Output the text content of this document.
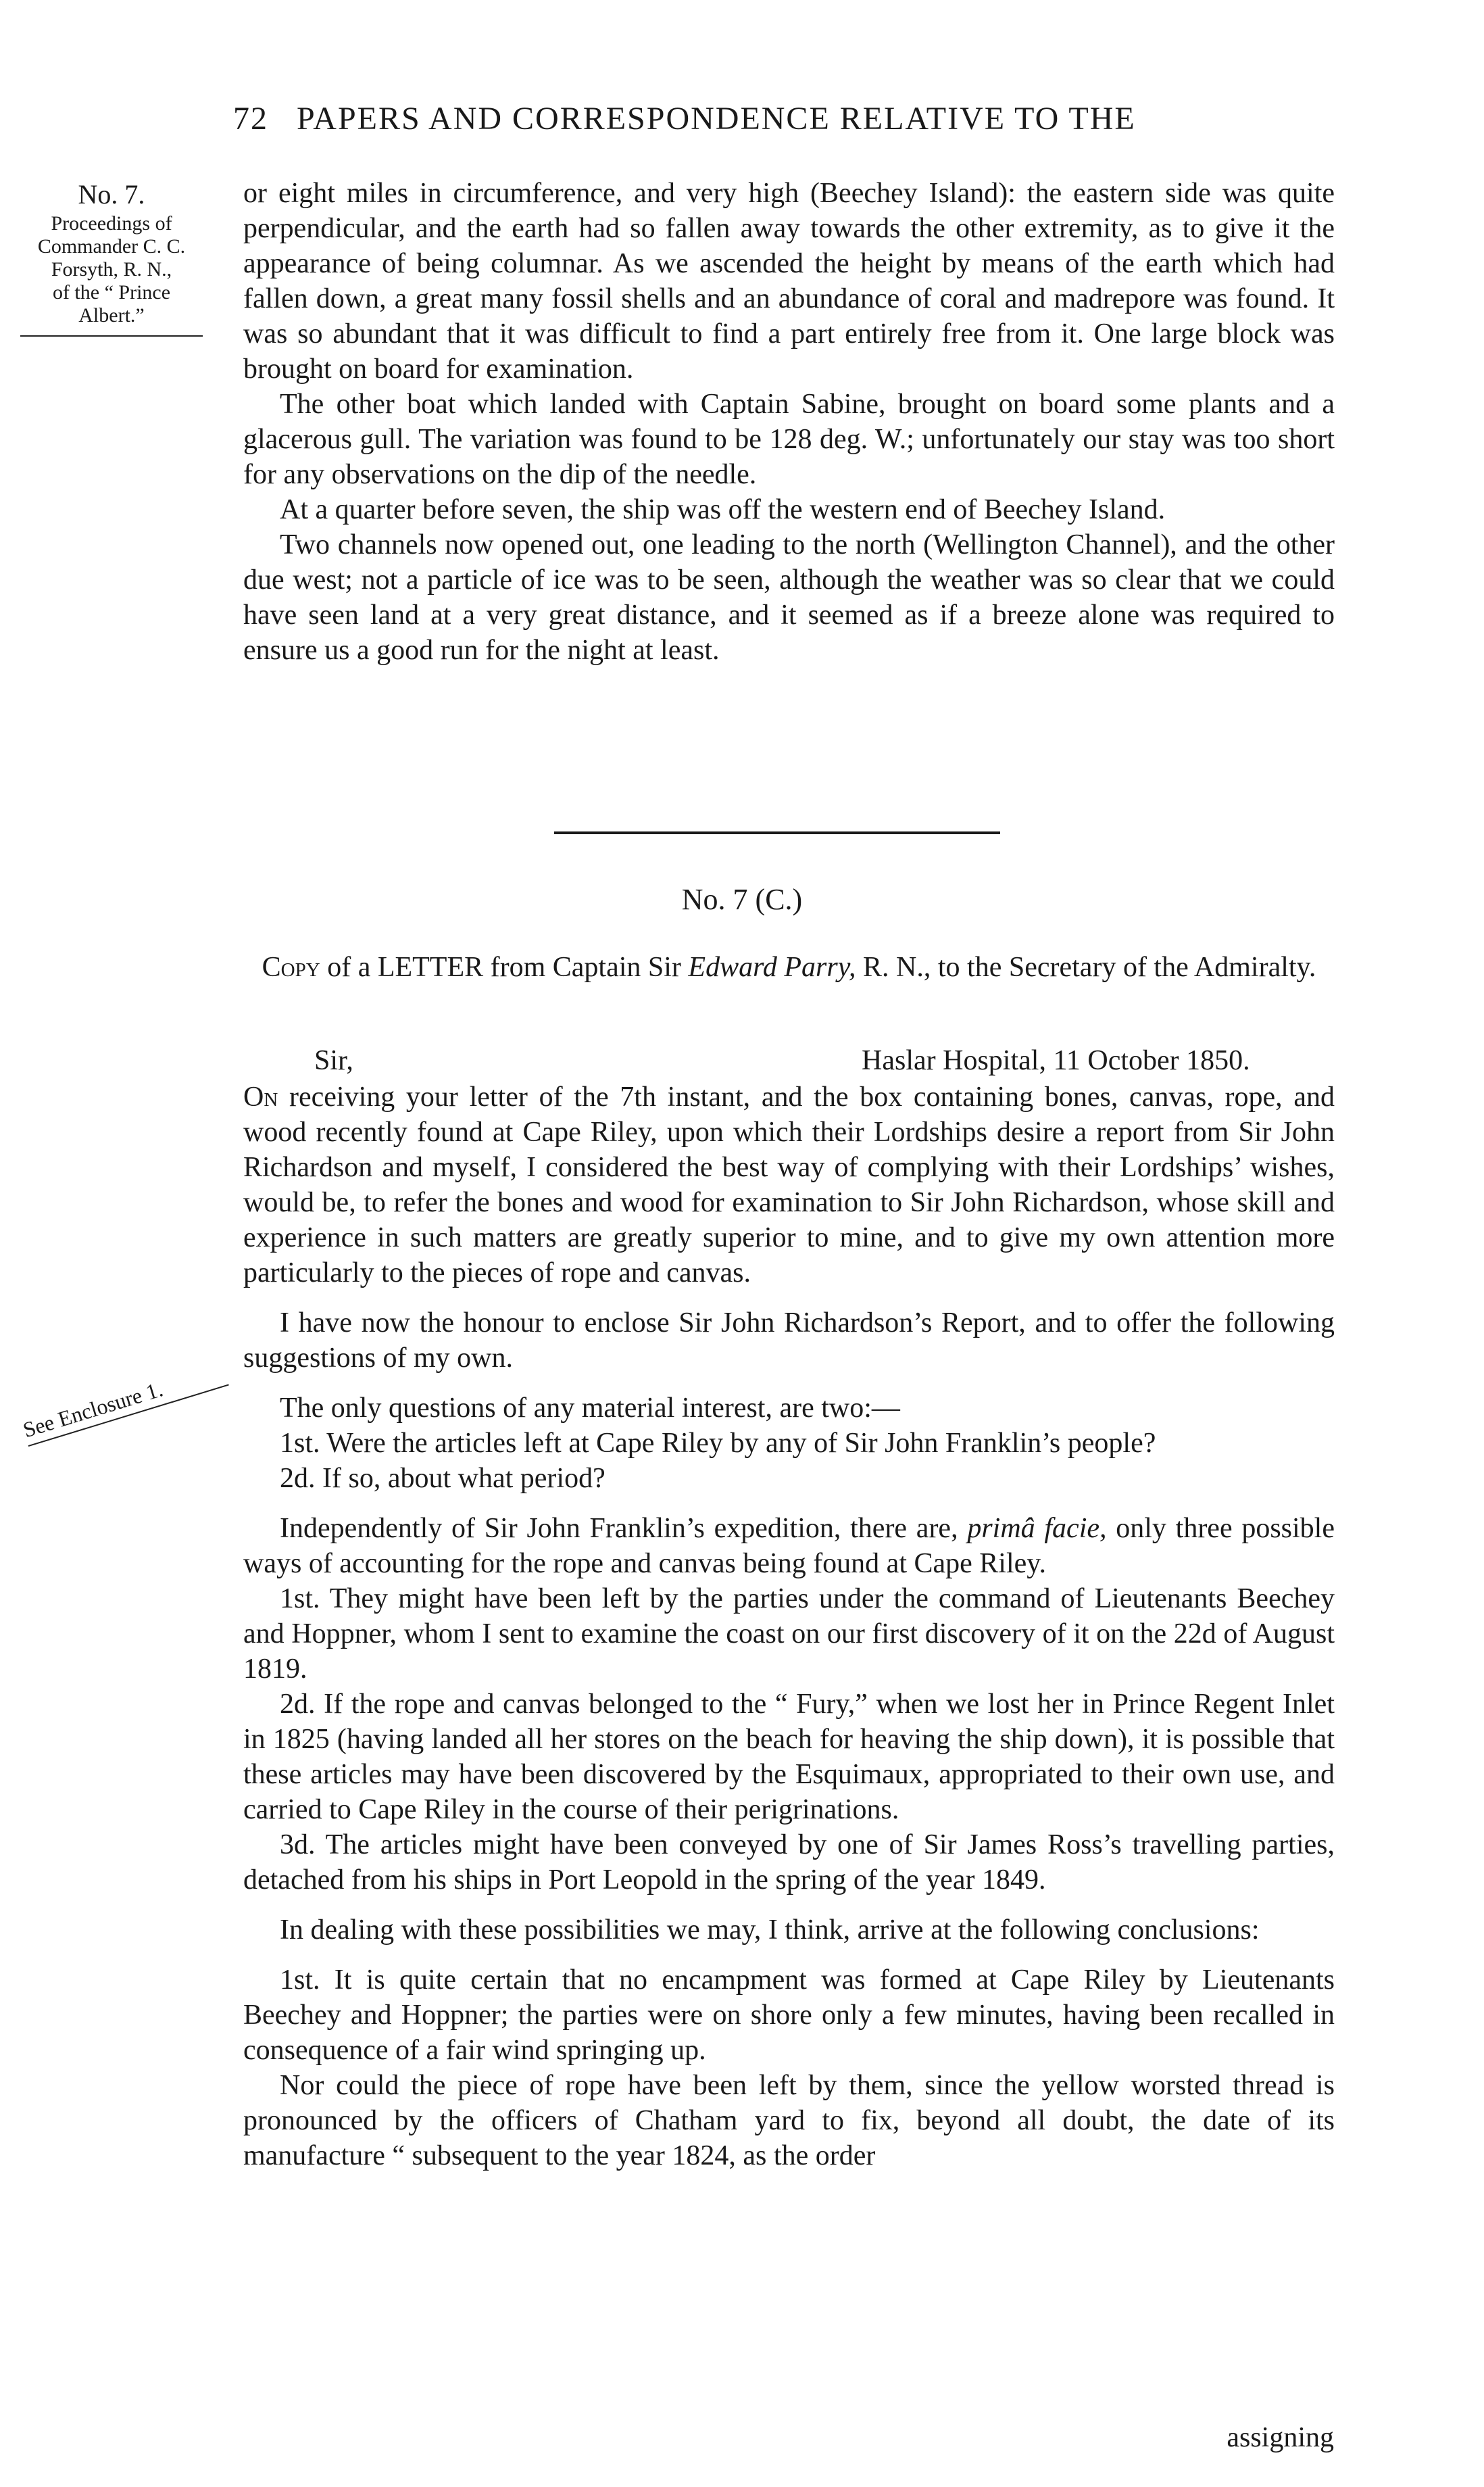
72 PAPERS AND CORRESPONDENCE RELATIVE TO THE
No. 7.
Proceedings of
Commander C. C.
Forsyth, R. N.,
of the “ Prince
Albert.”
See Enclosure 1.

or eight miles in circumference, and very high (Beechey Island): the eastern side was quite perpendicular, and the earth had so fallen away towards the other extremity, as to give it the appearance of being columnar. As we ascended the height by means of the earth which had fallen down, a great many fossil shells and an abundance of coral and madrepore was found. It was so abundant that it was difficult to find a part entirely free from it. One large block was brought on board for examination.

The other boat which landed with Captain Sabine, brought on board some plants and a glacerous gull. The variation was found to be 128 deg. W.; unfortunately our stay was too short for any observations on the dip of the needle.

At a quarter before seven, the ship was off the western end of Beechey Island.

Two channels now opened out, one leading to the north (Wellington Channel), and the other due west; not a particle of ice was to be seen, although the weather was so clear that we could have seen land at a very great distance, and it seemed as if a breeze alone was required to ensure us a good run for the night at least.

No. 7 (C.)
Copy of a LETTER from Captain Sir Edward Parry, R. N., to the Secretary of the Admiralty.
Sir,	Haslar Hospital, 11 October 1850.

On receiving your letter of the 7th instant, and the box containing bones, canvas, rope, and wood recently found at Cape Riley, upon which their Lordships desire a report from Sir John Richardson and myself, I considered the best way of complying with their Lordships’ wishes, would be, to refer the bones and wood for examination to Sir John Richardson, whose skill and experience in such matters are greatly superior to mine, and to give my own attention more particularly to the pieces of rope and canvas.

I have now the honour to enclose Sir John Richardson’s Report, and to offer the following suggestions of my own.

The only questions of any material interest, are two:—

1st. Were the articles left at Cape Riley by any of Sir John Franklin’s people?

2d. If so, about what period?

Independently of Sir John Franklin’s expedition, there are, primâ facie, only three possible ways of accounting for the rope and canvas being found at Cape Riley.

1st. They might have been left by the parties under the command of Lieutenants Beechey and Hoppner, whom I sent to examine the coast on our first discovery of it on the 22d of August 1819.

2d. If the rope and canvas belonged to the “ Fury,” when we lost her in Prince Regent Inlet in 1825 (having landed all her stores on the beach for heaving the ship down), it is possible that these articles may have been discovered by the Esquimaux, appropriated to their own use, and carried to Cape Riley in the course of their perigrinations.

3d. The articles might have been conveyed by one of Sir James Ross’s travelling parties, detached from his ships in Port Leopold in the spring of the year 1849.

In dealing with these possibilities we may, I think, arrive at the following conclusions:

1st. It is quite certain that no encampment was formed at Cape Riley by Lieutenants Beechey and Hoppner; the parties were on shore only a few minutes, having been recalled in consequence of a fair wind springing up.

Nor could the piece of rope have been left by them, since the yellow worsted thread is pronounced by the officers of Chatham yard to fix, beyond all doubt, the date of its manufacture “ subsequent to the year 1824, as the order

assigning
